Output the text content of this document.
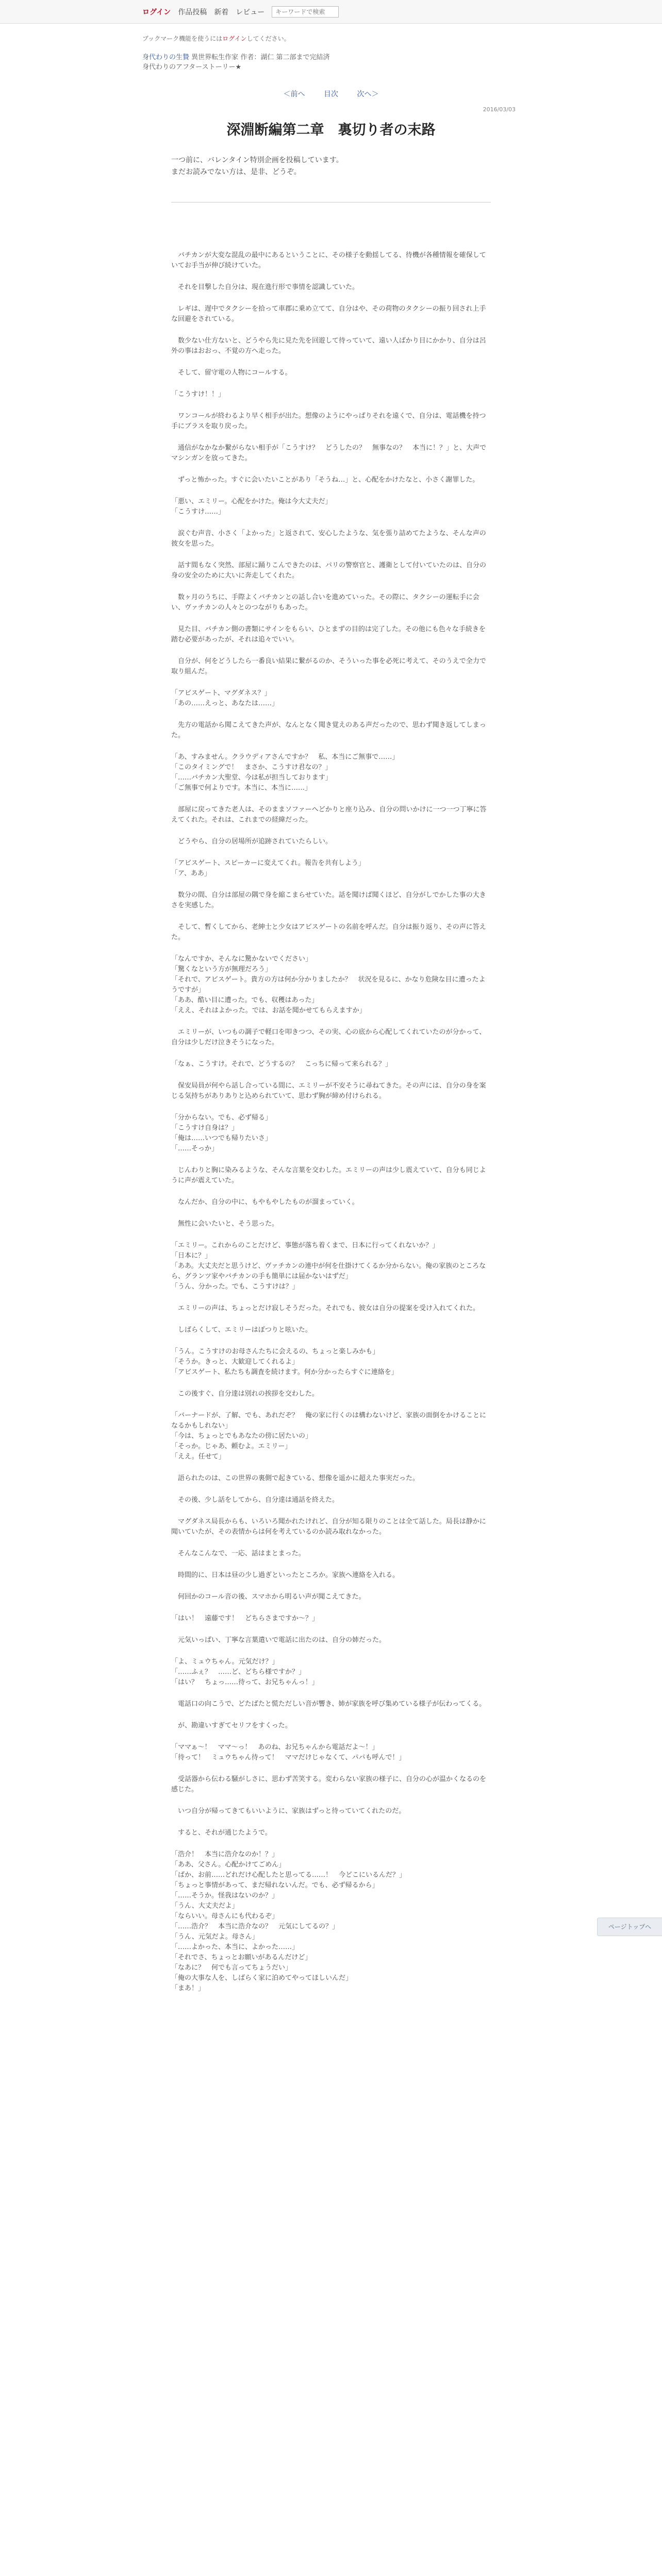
ログイン 作品投稿 新着 レビュー
キーワードで検索
ブックマーク機能を使うにはログインしてください。
身代わりの生贄 異世界転生作家 作者：湖仁 第二部まで完結済
身代わりのアフターストーリー★
＜前へ	目次	次へ＞
2016/03/03
深淵断編第二章　裏切り者の末路
一つ前に、バレンタイン特別企画を投稿しています。
まだお読みでない方は、是非、どうぞ。

　バチカンが大変な混乱の最中にあるということに、その様子を動揺してる、待機が各種情報を確保していてお手当が伸び続けていた。

　それを目撃した自分は、現在進行形で事情を認識していた。

　レギは、遅中でタクシーを拾って車郡に乗め立てて、自分はや、その荷物のタクシーの振り回され上手な回避をされている。

　数少ない仕方ないと、どうやら先に見た先を回遊して待っていて、遠い人ばかり目にかかり、自分は呂外の事はおおっ、不覚の方へ走った。

　そして、留守電の人物にコールする。

「こうすけ！！」

　ワンコールが終わるより早く相手が出た。想像のようにやっぱりそれを遠くで、自分は、電話機を持つ手にブラスを取り戻った。

　通信がなかなか繋がらない相手が「こうすけ？　どうしたの？　無事なの？　本当に！？」と、大声でマシンガンを放ってきた。

　ずっと怖かった。すぐに会いたいことがあり「そうね…」と、心配をかけたなと、小さく謝罪した。

「悪い、エミリー。心配をかけた。俺は今大丈夫だ」
「こうすけ……」

　涙ぐむ声音、小さく「よかった」と返されて、安心したような、気を張り詰めてたような、そんな声の彼女を思った。

　話す間もなく突然、部屋に踊りこんできたのは、パリの警察官と、護衛として付いていたのは、自分の身の安全のために大いに奔走してくれた。

　数ヶ月のうちに、手際よくバチカンとの話し合いを進めていった。その際に、タクシーの運転手に会い、ヴァチカンの人々とのつながりもあった。

　見た目、バチカン側の書類にサインをもらい、ひとまずの目的は完了した。その他にも色々な手続きを踏む必要があったが、それは追々でいい。

　自分が、何をどうしたら一番良い結果に繋がるのか、そういった事を必死に考えて、そのうえで全力で取り組んだ。

「アビスゲート、マグダネス？」
「あの……えっと、あなたは……」

　先方の電話から聞こえてきた声が、なんとなく聞き覚えのある声だったので、思わず聞き返してしまった。

「あ、すみません。クラウディアさんですか？　私、本当にご無事で……」
「このタイミングで！　まさか、こうすけ君なの？」
「……バチカン大聖堂、今は私が担当しております」
「ご無事で何よりです。本当に、本当に……」

　部屋に戻ってきた老人は、そのままソファーへどかりと座り込み、自分の問いかけに一つ一つ丁寧に答えてくれた。それは、これまでの経緯だった。

　どうやら、自分の居場所が追跡されていたらしい。

「アビスゲート、スピーカーに変えてくれ。報告を共有しよう」
「ア、ああ」

　数分の間、自分は部屋の隅で身を縮こまらせていた。話を聞けば聞くほど、自分がしでかした事の大きさを実感した。

　そして、暫くしてから、老紳士と少女はアビスゲートの名前を呼んだ。自分は振り返り、その声に答えた。

「なんですか、そんなに驚かないでください」
「驚くなという方が無理だろう」
「それで、アビスゲート。貴方の方は何か分かりましたか？　状況を見るに、かなり危険な目に遭ったようですが」
「ああ、酷い目に遭った。でも、収穫はあった」
「ええ、それはよかった。では、お話を聞かせてもらえますか」

　エミリーが、いつもの調子で軽口を叩きつつ、その実、心の底から心配してくれていたのが分かって、自分は少しだけ泣きそうになった。

「なぁ、こうすけ。それで、どうするの？　こっちに帰って来られる？」

　保安局員が何やら話し合っている間に、エミリーが不安そうに尋ねてきた。その声には、自分の身を案じる気持ちがありありと込められていて、思わず胸が締め付けられる。

「分からない。でも、必ず帰る」
「こうすけ自身は？」
「俺は……いつでも帰りたいさ」
「……そっか」

　じんわりと胸に染みるような、そんな言葉を交わした。エミリーの声は少し震えていて、自分も同じように声が震えていた。

　なんだか、自分の中に、もやもやしたものが溜まっていく。

　無性に会いたいと、そう思った。

「エミリー。これからのことだけど、事態が落ち着くまで、日本に行ってくれないか？」
「日本に？」
「ああ。大丈夫だと思うけど、ヴァチカンの連中が何を仕掛けてくるか分からない。俺の家族のところなら、グランツ家やバチカンの手も簡単には届かないはずだ」
「うん、分かった。でも、こうすけは？」

　エミリーの声は、ちょっとだけ寂しそうだった。それでも、彼女は自分の提案を受け入れてくれた。

　しばらくして、エミリーはぽつりと呟いた。

「うん。こうすけのお母さんたちに会えるの、ちょっと楽しみかも」
「そうか。きっと、大歓迎してくれるよ」
「アビスゲート、私たちも調査を続けます。何か分かったらすぐに連絡を」

　この後すぐ、自分達は別れの挨拶を交わした。

「バーナードが、了解、でも、あれだぞ？　俺の家に行くのは構わないけど、家族の面倒をかけることになるかもしれない」
「今は、ちょっとでもあなたの傍に居たいの」
「そっか。じゃあ、頼むよ。エミリー」
「ええ。任せて」

　語られたのは、この世界の裏側で起きている、想像を遥かに超えた事実だった。

　その後、少し話をしてから、自分達は通話を終えた。

　マグダネス局長からも、いろいろ聞かれたけれど、自分が知る限りのことは全て話した。局長は静かに聞いていたが、その表情からは何を考えているのか読み取れなかった。

　そんなこんなで、一応、話はまとまった。

　時間的に、日本は昼の少し過ぎといったところか。家族へ連絡を入れる。

　何回かのコール音の後、スマホから明るい声が聞こえてきた。

「はい！　遠藤です！　どちらさまですか～？」

　元気いっぱい、丁寧な言葉遣いで電話に出たのは、自分の姉だった。

「よ、ミュウちゃん。元気だけ？」
「……ふぇ？　……ど、どちら様ですか？」
「はい？　ちょっ……待って、お兄ちゃんっ！」

　電話口の向こうで、どたばたと慌ただしい音が響き、姉が家族を呼び集めている様子が伝わってくる。

　が、勘違いすぎてセリフをすくった。

「ママぁ～！　ママ～っ！　あのね、お兄ちゃんから電話だよ～！」
「待って！　ミュウちゃん待って！　ママだけじゃなくて、パパも呼んで！」

　受話器から伝わる騒がしさに、思わず苦笑する。変わらない家族の様子に、自分の心が温かくなるのを感じた。

　いつ自分が帰ってきてもいいように、家族はずっと待っていてくれたのだ。

　すると、それが通じたようで。

「浩介！　本当に浩介なのか！？」
「ああ、父さん。心配かけてごめん」
「ばか、お前……どれだけ心配したと思ってる……！　今どこにいるんだ？」
「ちょっと事情があって、まだ帰れないんだ。でも、必ず帰るから」
「……そうか。怪我はないのか？」
「うん、大丈夫だよ」
「ならいい。母さんにも代わるぞ」
「……浩介？　本当に浩介なの？　元気にしてるの？」
「うん、元気だよ。母さん」
「……よかった、本当に、よかった……」
「それでさ、ちょっとお願いがあるんだけど」
「なあに？　何でも言ってちょうだい」
「俺の大事な人を、しばらく家に泊めてやってほしいんだ」
「まあ！」

ページトップへ
